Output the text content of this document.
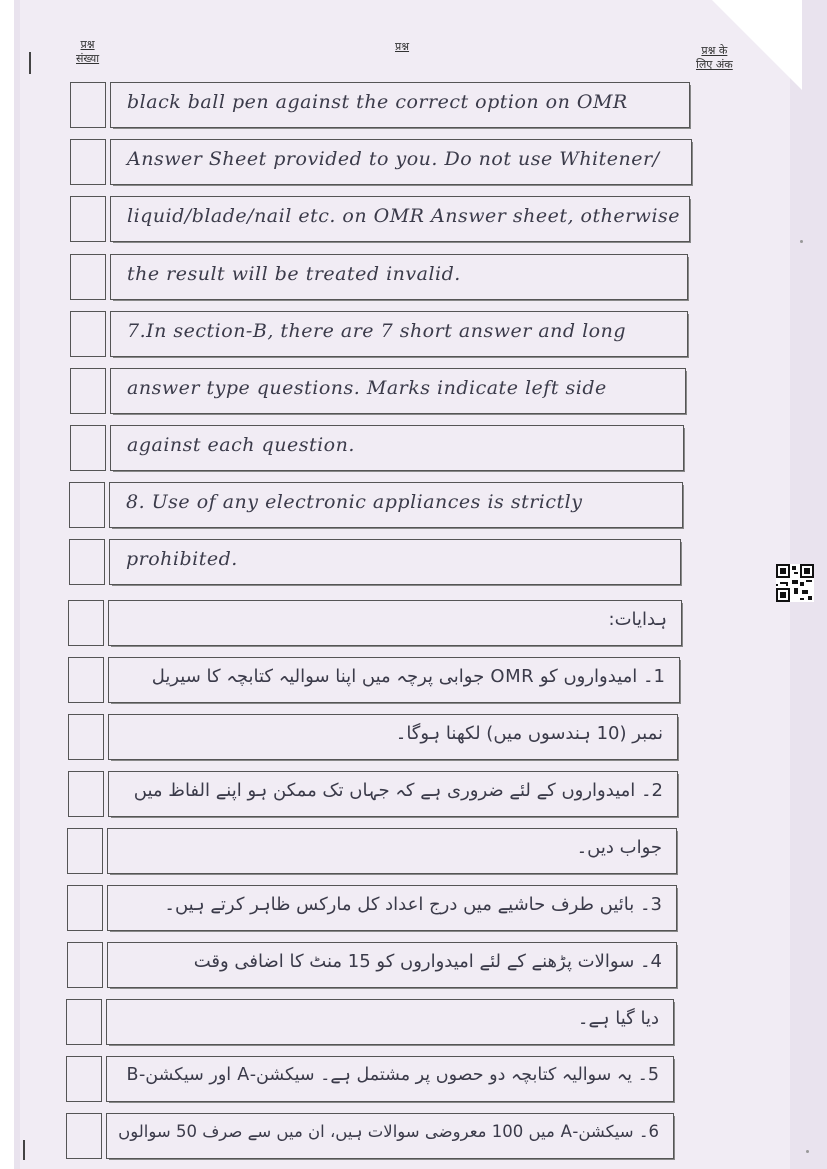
प्रश्न
संख्या
प्रश्न	प्रश्न के
लिए अंक
black ball pen against the correct option on OMR
Answer Sheet provided to you. Do not use Whitener/
liquid/blade/nail etc. on OMR Answer sheet, otherwise
the result will be treated invalid.
7.In section-B, there are 7 short answer and long
answer type questions. Marks indicate left side
against each question.
8. Use of any electronic appliances is strictly
prohibited.
ہدایات:
1۔ امیدواروں کو OMR جوابی پرچہ میں اپنا سوالیہ کتابچہ کا سیریل
نمبر (10 ہندسوں میں) لکھنا ہوگا۔
2۔ امیدواروں کے لئے ضروری ہے کہ جہاں تک ممکن ہو اپنے الفاظ میں
جواب دیں۔
3۔ بائیں طرف حاشیے میں درج اعداد کل مارکس ظاہر کرتے ہیں۔
4۔ سوالات پڑھنے کے لئے امیدواروں کو 15 منٹ کا اضافی وقت
دیا گیا ہے۔
5۔ یہ سوالیہ کتابچہ دو حصوں پر مشتمل ہے۔ سیکشن-A اور سیکشن-B
6۔ سیکشن-A میں 100 معروضی سوالات ہیں، ان میں سے صرف 50 سوالوں
